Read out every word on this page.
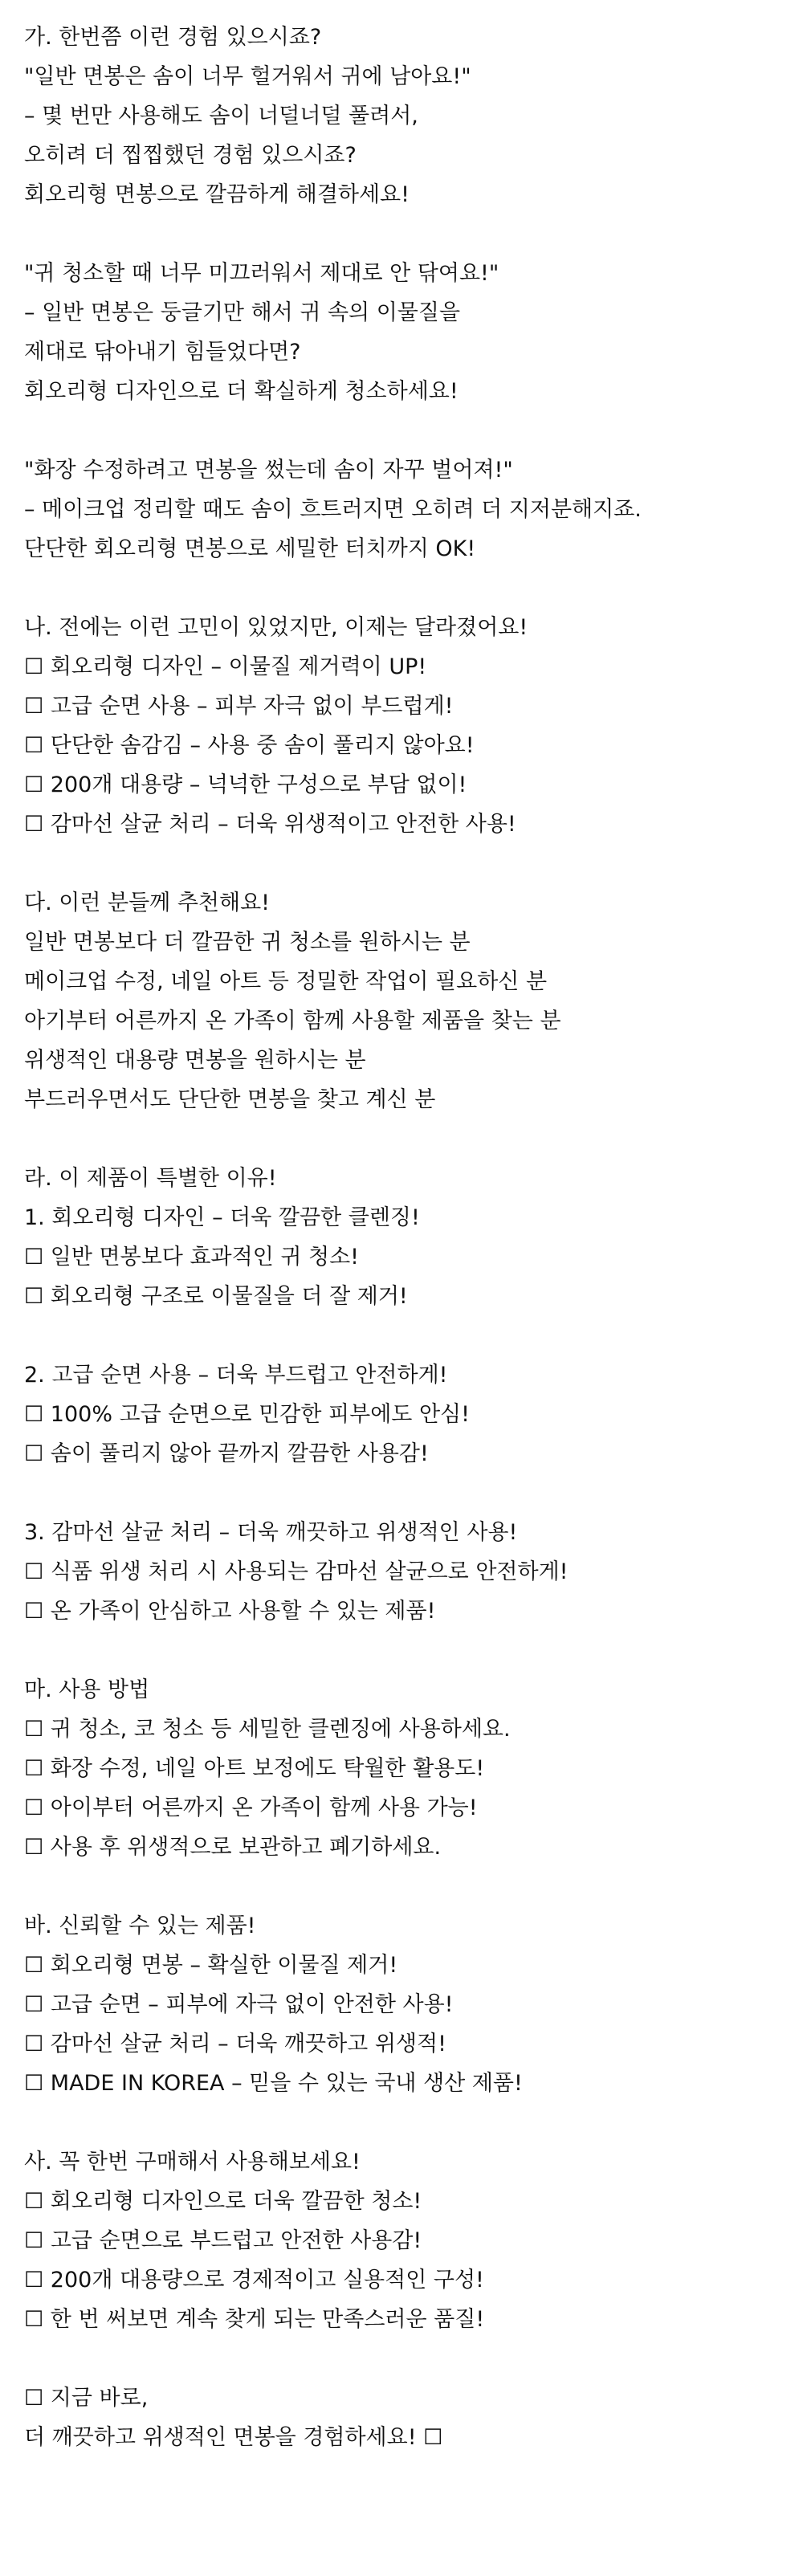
가. 한번쯤 이런 경험 있으시죠?

"일반 면봉은 솜이 너무 헐거워서 귀에 남아요!"

– 몇 번만 사용해도 솜이 너덜너덜 풀려서,

오히려 더 찝찝했던 경험 있으시죠?

회오리형 면봉으로 깔끔하게 해결하세요!

"귀 청소할 때 너무 미끄러워서 제대로 안 닦여요!"

– 일반 면봉은 둥글기만 해서 귀 속의 이물질을

제대로 닦아내기 힘들었다면?

회오리형 디자인으로 더 확실하게 청소하세요!

"화장 수정하려고 면봉을 썼는데 솜이 자꾸 벌어져!"

– 메이크업 정리할 때도 솜이 흐트러지면 오히려 더 지저분해지죠.

단단한 회오리형 면봉으로 세밀한 터치까지 OK!

나. 전에는 이런 고민이 있었지만, 이제는 달라졌어요!

☐ 회오리형 디자인 – 이물질 제거력이 UP!

☐ 고급 순면 사용 – 피부 자극 없이 부드럽게!

☐ 단단한 솜감김 – 사용 중 솜이 풀리지 않아요!

☐ 200개 대용량 – 넉넉한 구성으로 부담 없이!

☐ 감마선 살균 처리 – 더욱 위생적이고 안전한 사용!

다. 이런 분들께 추천해요!

일반 면봉보다 더 깔끔한 귀 청소를 원하시는 분

메이크업 수정, 네일 아트 등 정밀한 작업이 필요하신 분

아기부터 어른까지 온 가족이 함께 사용할 제품을 찾는 분

위생적인 대용량 면봉을 원하시는 분

부드러우면서도 단단한 면봉을 찾고 계신 분

라. 이 제품이 특별한 이유!

1. 회오리형 디자인 – 더욱 깔끔한 클렌징!

☐ 일반 면봉보다 효과적인 귀 청소!

☐ 회오리형 구조로 이물질을 더 잘 제거!

2. 고급 순면 사용 – 더욱 부드럽고 안전하게!

☐ 100% 고급 순면으로 민감한 피부에도 안심!

☐ 솜이 풀리지 않아 끝까지 깔끔한 사용감!

3. 감마선 살균 처리 – 더욱 깨끗하고 위생적인 사용!

☐ 식품 위생 처리 시 사용되는 감마선 살균으로 안전하게!

☐ 온 가족이 안심하고 사용할 수 있는 제품!

마. 사용 방법

☐ 귀 청소, 코 청소 등 세밀한 클렌징에 사용하세요.

☐ 화장 수정, 네일 아트 보정에도 탁월한 활용도!

☐ 아이부터 어른까지 온 가족이 함께 사용 가능!

☐ 사용 후 위생적으로 보관하고 폐기하세요.

바. 신뢰할 수 있는 제품!

☐ 회오리형 면봉 – 확실한 이물질 제거!

☐ 고급 순면 – 피부에 자극 없이 안전한 사용!

☐ 감마선 살균 처리 – 더욱 깨끗하고 위생적!

☐ MADE IN KOREA – 믿을 수 있는 국내 생산 제품!

사. 꼭 한번 구매해서 사용해보세요!

☐ 회오리형 디자인으로 더욱 깔끔한 청소!

☐ 고급 순면으로 부드럽고 안전한 사용감!

☐ 200개 대용량으로 경제적이고 실용적인 구성!

☐ 한 번 써보면 계속 찾게 되는 만족스러운 품질!

☐ 지금 바로,

더 깨끗하고 위생적인 면봉을 경험하세요! ☐
